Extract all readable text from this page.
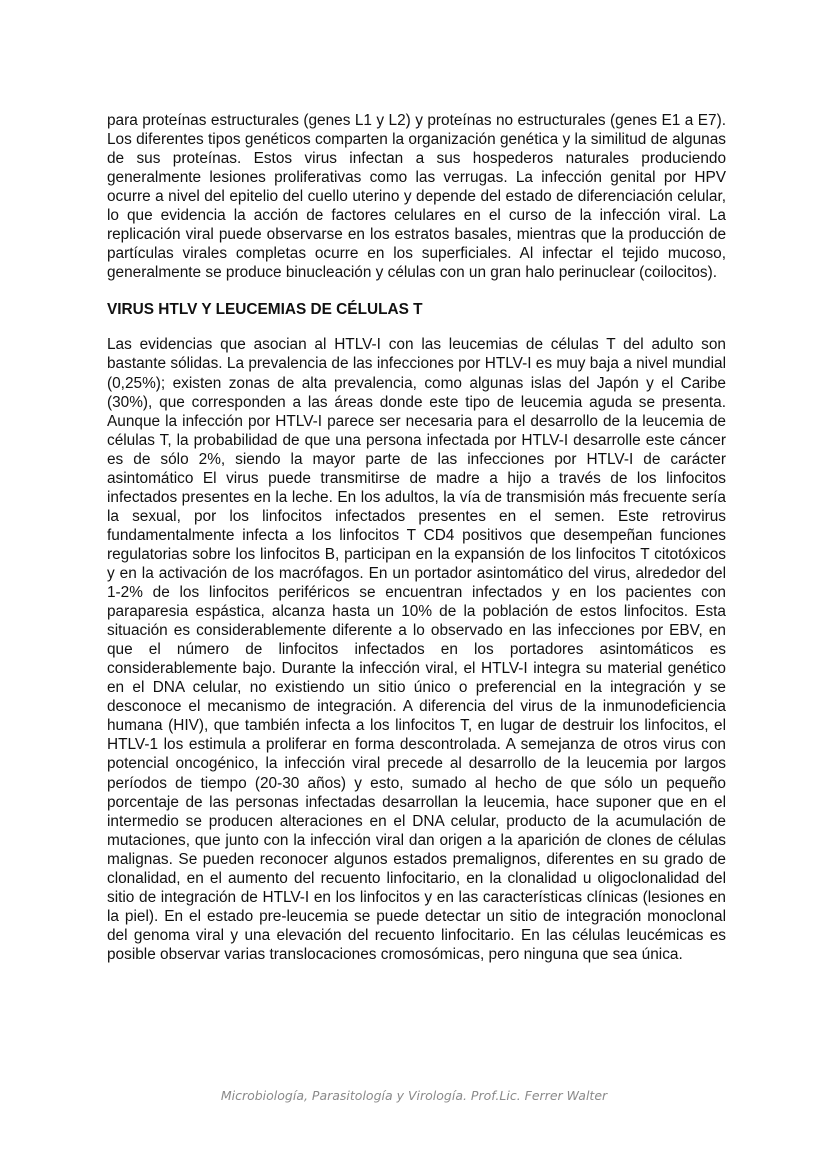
para proteínas estructurales (genes L1 y L2) y proteínas no estructurales (genes E1 a E7). Los diferentes tipos genéticos comparten la organización genética y la similitud de algunas de sus proteínas. Estos virus infectan a sus hospederos naturales produciendo generalmente lesiones proliferativas como las verrugas. La infección genital por HPV ocurre a nivel del epitelio del cuello uterino y depende del estado de diferenciación celular, lo que evidencia la acción de factores celulares en el curso de la infección viral. La replicación viral puede observarse en los estratos basales, mientras que la producción de partículas virales completas ocurre en los superficiales. Al infectar el tejido mucoso, generalmente se produce binucleación y células con un gran halo perinuclear (coilocitos).

VIRUS HTLV Y LEUCEMIAS DE CÉLULAS T

Las evidencias que asocian al HTLV-I con las leucemias de células T del adulto son bastante sólidas. La prevalencia de las infecciones por HTLV-I es muy baja a nivel mundial (0,25%); existen zonas de alta prevalencia, como algunas islas del Japón y el Caribe (30%), que corresponden a las áreas donde este tipo de leucemia aguda se presenta. Aunque la infección por HTLV-I parece ser necesaria para el desarrollo de la leucemia de células T, la probabilidad de que una persona infectada por HTLV-I desarrolle este cáncer es de sólo 2%, siendo la mayor parte de las infecciones por HTLV-I de carácter asintomático El virus puede transmitirse de madre a hijo a través de los linfocitos infectados presentes en la leche. En los adultos, la vía de transmisión más frecuente sería la sexual, por los linfocitos infectados presentes en el semen. Este retrovirus fundamentalmente infecta a los linfocitos T CD4 positivos que desempeñan funciones regulatorias sobre los linfocitos B, participan en la expansión de los linfocitos T citotóxicos y en la activación de los macrófagos. En un portador asintomático del virus, alrededor del 1-2% de los linfocitos periféricos se encuentran infectados y en los pacientes con paraparesia espástica, alcanza hasta un 10% de la población de estos linfocitos. Esta situación es considerablemente diferente a lo observado en las infecciones por EBV, en que el número de linfocitos infectados en los portadores asintomáticos es considerablemente bajo. Durante la infección viral, el HTLV-I integra su material genético en el DNA celular, no existiendo un sitio único o preferencial en la integración y se desconoce el mecanismo de integración. A diferencia del virus de la inmunodeficiencia humana (HIV), que también infecta a los linfocitos T, en lugar de destruir los linfocitos, el HTLV-1 los estimula a proliferar en forma descontrolada. A semejanza de otros virus con potencial oncogénico, la infección viral precede al desarrollo de la leucemia por largos períodos de tiempo (20-30 años) y esto, sumado al hecho de que sólo un pequeño porcentaje de las personas infectadas desarrollan la leucemia, hace suponer que en el intermedio se producen alteraciones en el DNA celular, producto de la acumulación de mutaciones, que junto con la infección viral dan origen a la aparición de clones de células malignas. Se pueden reconocer algunos estados premalignos, diferentes en su grado de clonalidad, en el aumento del recuento linfocitario, en la clonalidad u oligoclonalidad del sitio de integración de HTLV-I en los linfocitos y en las características clínicas (lesiones en la piel). En el estado pre-leucemia se puede detectar un sitio de integración monoclonal del genoma viral y una elevación del recuento linfocitario. En las células leucémicas es posible observar varias translocaciones cromosómicas, pero ninguna que sea única.

Microbiología, Parasitología y Virología. Prof.Lic. Ferrer Walter
